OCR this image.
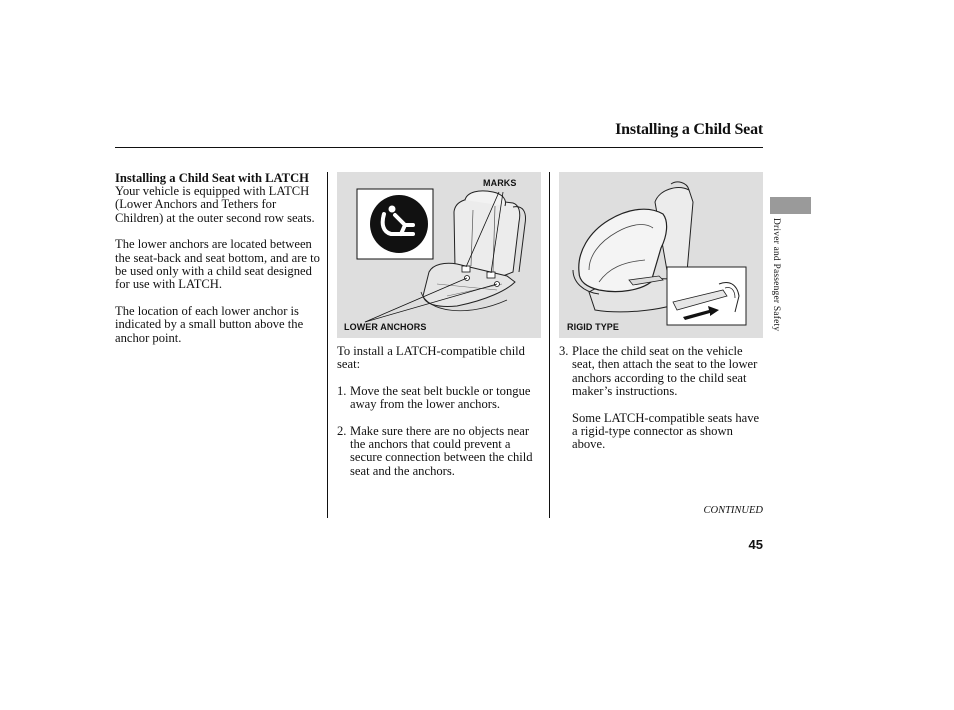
Installing a Child Seat
Installing a Child Seat with LATCH

Your vehicle is equipped with LATCH (Lower Anchors and Tethers for Children) at the outer second row seats.

The lower anchors are located between the seat-back and seat bottom, and are to be used only with a child seat designed for use with LATCH.

The location of each lower anchor is indicated by a small button above the anchor point.

MARKS
LOWER ANCHORS	RIGID TYPE

To install a LATCH-compatible child seat:

1. Move the seat belt buckle or tongue away from the lower anchors.
2. Make sure there are no objects near the anchors that could prevent a secure connection between the child seat and the anchors.
3. Place the child seat on the vehicle seat, then attach the seat to the lower anchors according to the child seat maker’s instructions.

Some LATCH-compatible seats have a rigid-type connector as shown above.

CONTINUED
45
Driver and Passenger Safety
